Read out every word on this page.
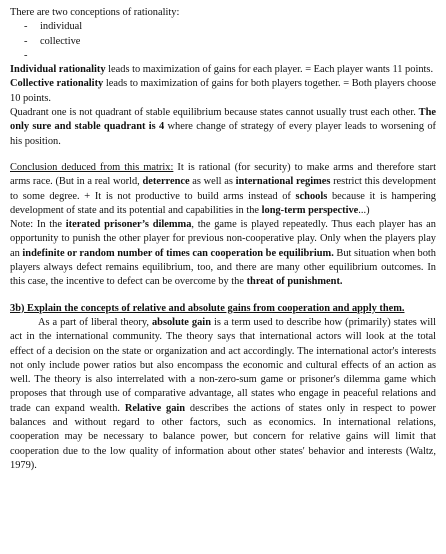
There are two conceptions of rationality:

- individual
- collective
-

Individual rationality leads to maximization of gains for each player. = Each player wants 11 points.

Collective rationality leads to maximization of gains for both players together. = Both players choose 10 points.

Quadrant one is not quadrant of stable equilibrium because states cannot usually trust each other. The only sure and stable quadrant is 4 where change of strategy of every player leads to worsening of his position.

Conclusion deduced from this matrix: It is rational (for security) to make arms and therefore start arms race. (But in a real world, deterrence as well as international regimes restrict this development to some degree. + It is not productive to build arms instead of schools because it is hampering development of state and its potential and capabilities in the long-term perspective...)

Note: In the iterated prisoner’s dilemma, the game is played repeatedly. Thus each player has an opportunity to punish the other player for previous non-cooperative play. Only when the players play an indefinite or random number of times can cooperation be equilibrium. But situation when both players always defect remains equilibrium, too, and there are many other equilibrium outcomes. In this case, the incentive to defect can be overcome by the threat of punishment.

3b) Explain the concepts of relative and absolute gains from cooperation and apply them.

As a part of liberal theory, absolute gain is a term used to describe how (primarily) states will act in the international community. The theory says that international actors will look at the total effect of a decision on the state or organization and act accordingly. The international actor's interests not only include power ratios but also encompass the economic and cultural effects of an action as well. The theory is also interrelated with a non-zero-sum game or prisoner's dilemma game which proposes that through use of comparative advantage, all states who engage in peaceful relations and trade can expand wealth. Relative gain describes the actions of states only in respect to power balances and without regard to other factors, such as economics. In international relations, cooperation may be necessary to balance power, but concern for relative gains will limit that cooperation due to the low quality of information about other states' behavior and interests (Waltz, 1979).
